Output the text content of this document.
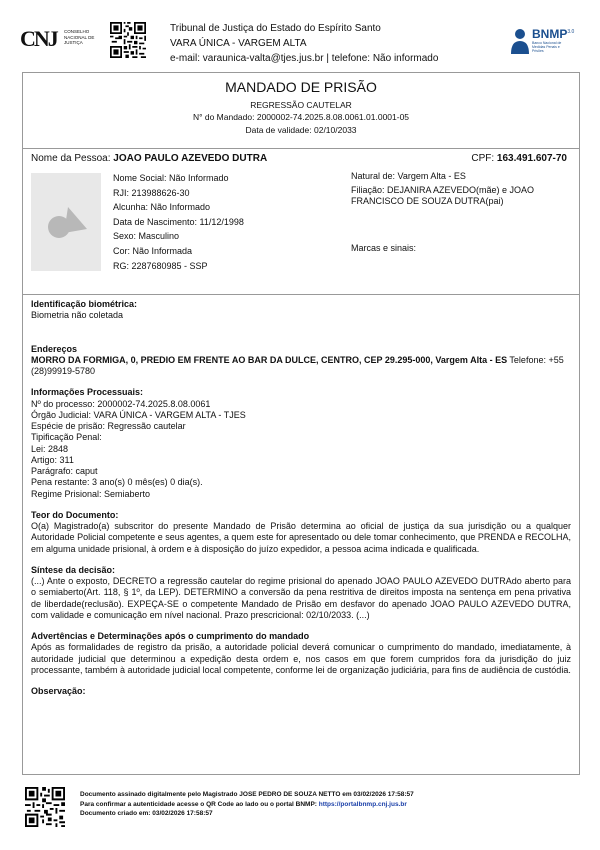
CNJ CONSELHO NACIONAL DE JUSTIÇA
Tribunal de Justiça do Estado do Espírito Santo
VARA ÚNICA - VARGEM ALTA
e-mail: varaunica-valta@tjes.jus.br | telefone: Não informado
$BNMP^{3.0}$
Banco Nacional de Medidas Penais e Prisões
MANDADO DE PRISÃO
REGRESSÃO CAUTELAR
N° do Mandado: 2000002-74.2025.8.08.0061.01.0001-05
Data de validade: 02/10/2033
Nome da Pessoa: JOAO PAULO AZEVEDO DUTRA	CPF: 163.491.607-70
Nome Social: Não Informado
RJI: 213988626-30
Alcunha: Não Informado
Data de Nascimento: 11/12/1998
Sexo: Masculino
Cor: Não Informada
RG: 2287680985 - SSP
Natural de: Vargem Alta - ES
Filiação: DEJANIRA AZEVEDO(mãe) e JOAO FRANCISCO DE SOUZA DUTRA(pai)
Marcas e sinais:
Identificação biométrica:
Biometria não coletada
Endereços
MORRO DA FORMIGA, 0, PREDIO EM FRENTE AO BAR DA DULCE, CENTRO, CEP 29.295-000, Vargem Alta - ES Telefone: +55 (28)99919-5780
Informações Processuais:
Nº do processo: 2000002-74.2025.8.08.0061
Órgão Judicial: VARA ÚNICA - VARGEM ALTA - TJES
Espécie de prisão: Regressão cautelar
Tipificação Penal:
Lei: 2848
Artigo: 311
Parágrafo: caput
Pena restante: 3 ano(s) 0 mês(es) 0 dia(s).
Regime Prisional: Semiaberto
Teor do Documento:
O(a) Magistrado(a) subscritor do presente Mandado de Prisão determina ao oficial de justiça da sua jurisdição ou a qualquer Autoridade Policial competente e seus agentes, a quem este for apresentado ou dele tomar conhecimento, que PRENDA e RECOLHA, em alguma unidade prisional, à ordem e à disposição do juízo expedidor, a pessoa acima indicada e qualificada.
Síntese da decisão:
(...) Ante o exposto, DECRETO a regressão cautelar do regime prisional do apenado JOAO PAULO AZEVEDO DUTRAdo aberto para o semiaberto(Art. 118, § 1º, da LEP). DETERMINO a conversão da pena restritiva de direitos imposta na sentença em pena privativa de liberdade(reclusão). EXPEÇA-SE o competente Mandado de Prisão em desfavor do apenado JOAO PAULO AZEVEDO DUTRA, com validade e comunicação em nível nacional. Prazo prescricional: 02/10/2033. (...)
Advertências e Determinações após o cumprimento do mandado
Após as formalidades de registro da prisão, a autoridade policial deverá comunicar o cumprimento do mandado, imediatamente, à autoridade judicial que determinou a expedição desta ordem e, nos casos em que forem cumpridos fora da jurisdição do juiz processante, também à autoridade judicial local competente, conforme lei de organização judiciária, para fins de audiência de custódia.
Observação:
Documento assinado digitalmente pelo Magistrado JOSE PEDRO DE SOUZA NETTO em 03/02/2026 17:58:57
Para confirmar a autenticidade acesse o QR Code ao lado ou o portal BNMP: https://portalbnmp.cnj.jus.br
Documento criado em: 03/02/2026 17:58:57
